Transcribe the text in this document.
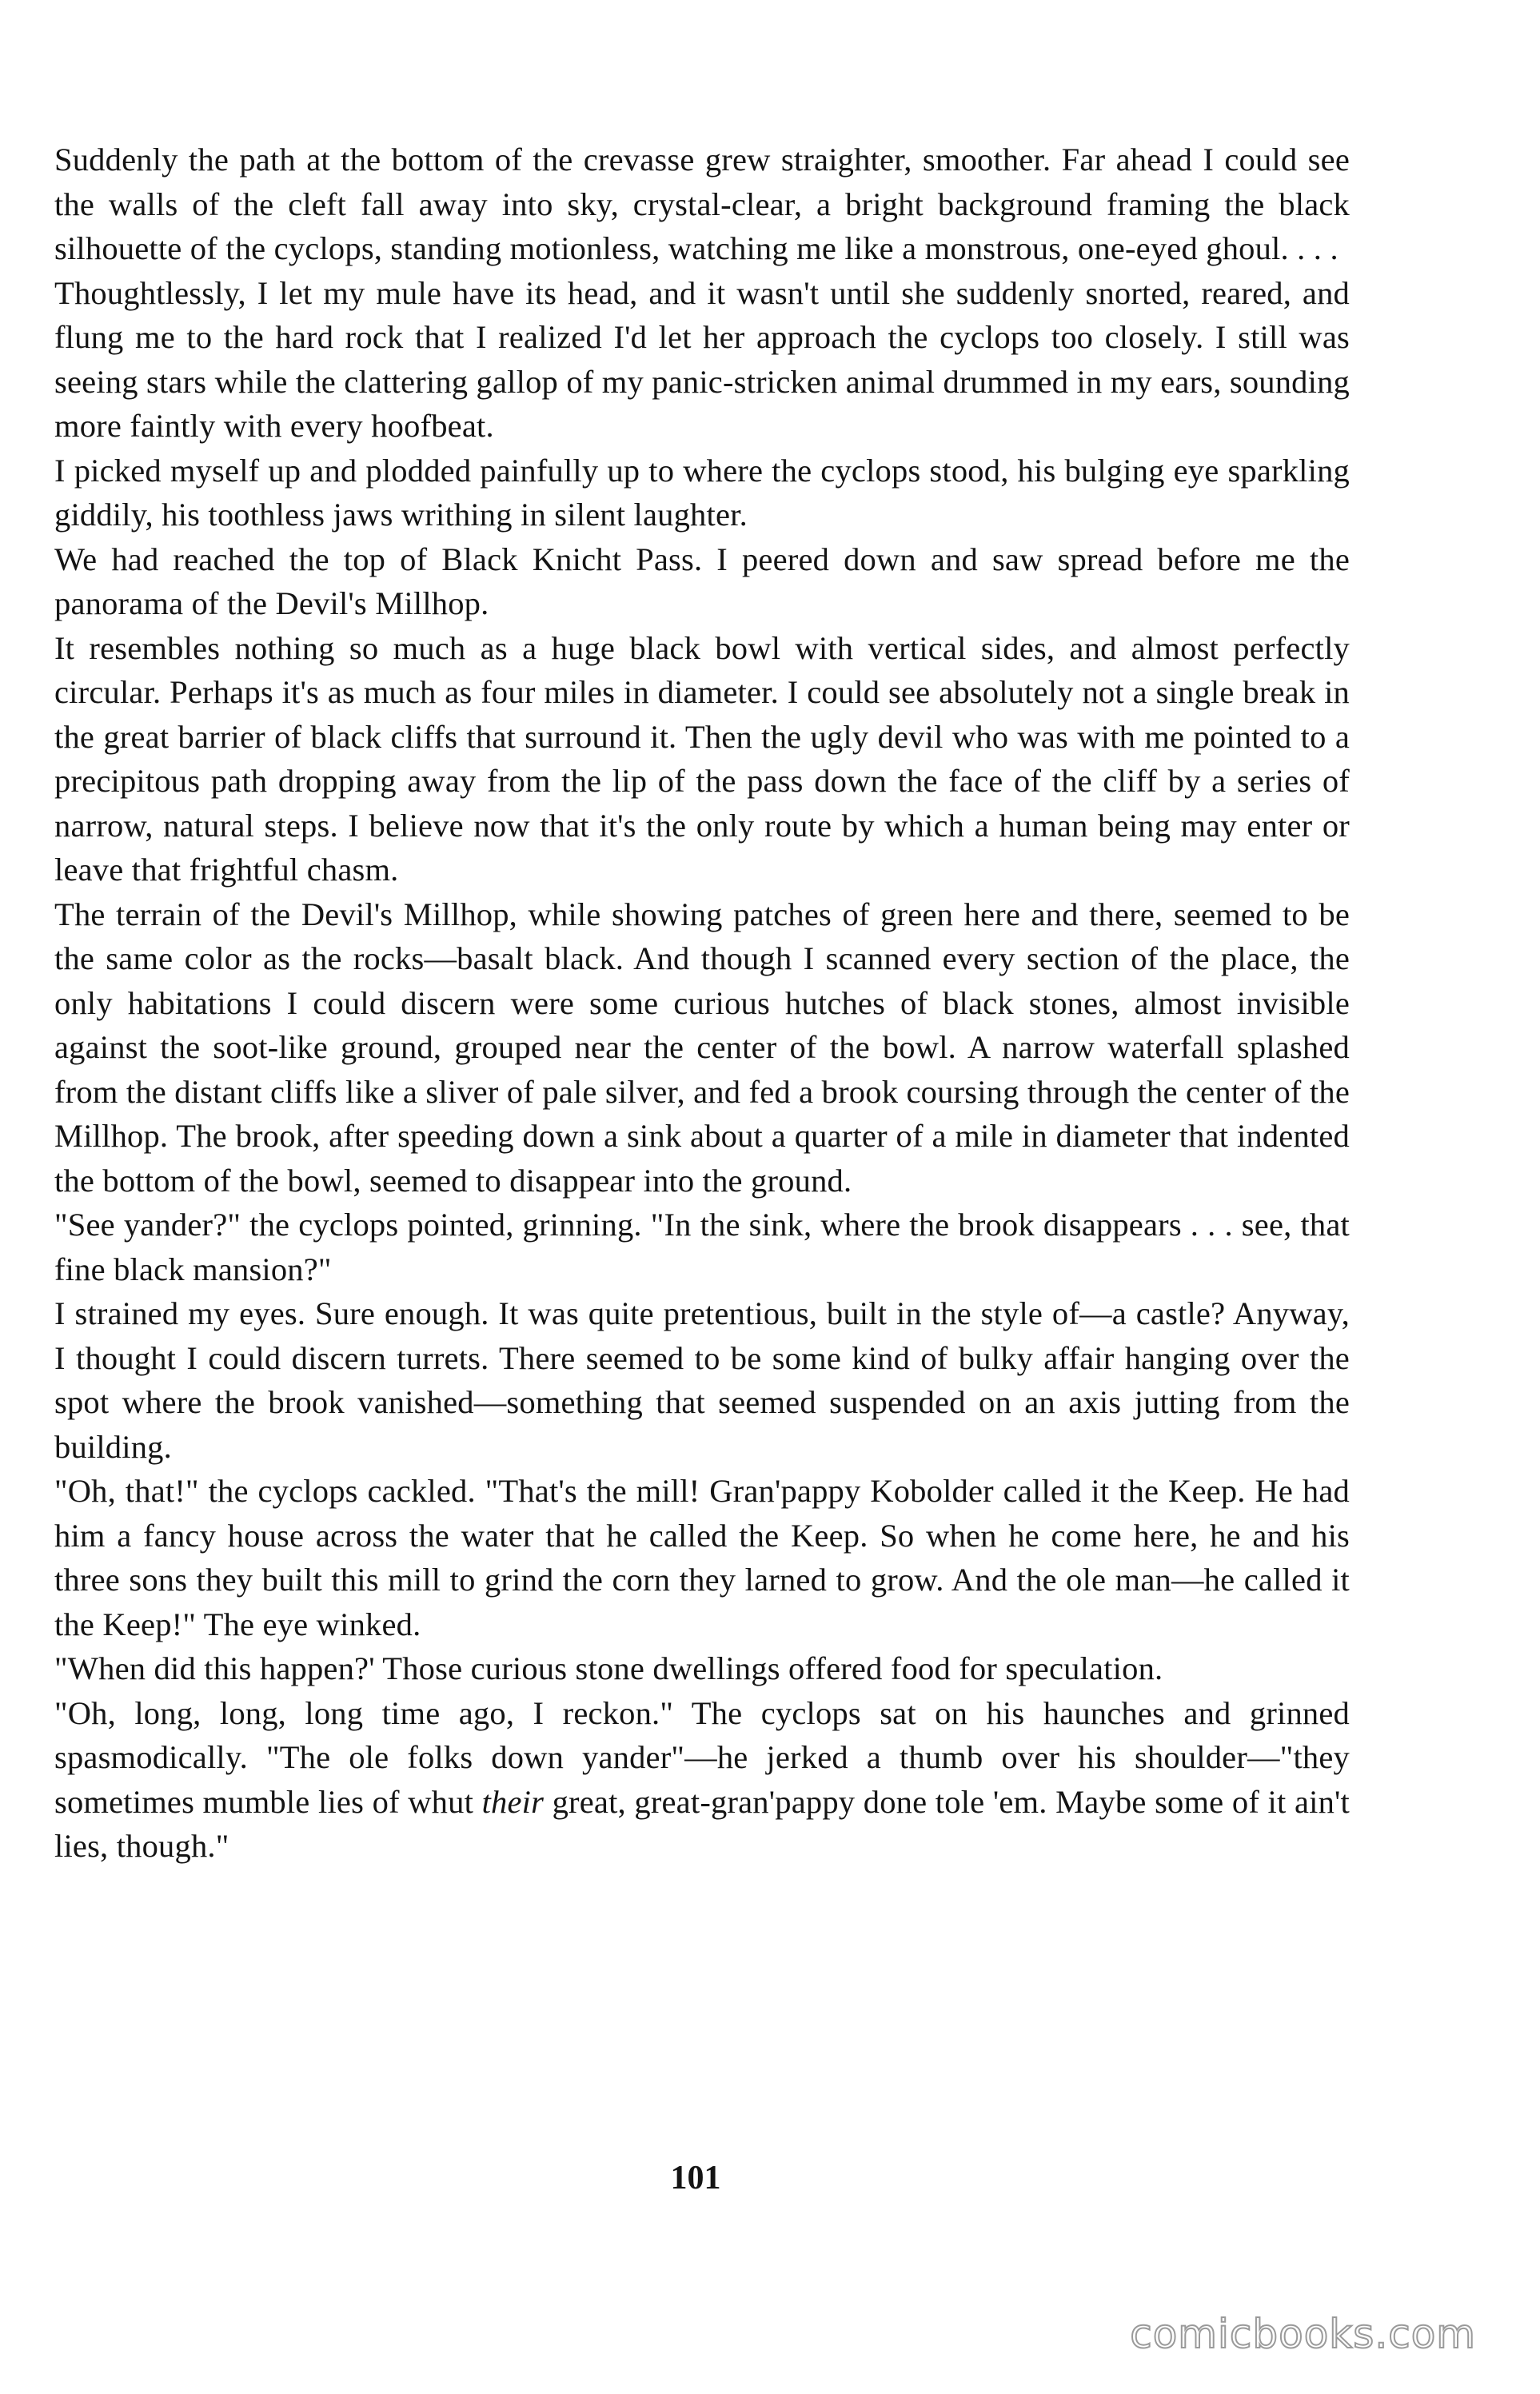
Suddenly the path at the bottom of the crevasse grew straighter, smoother. Far ahead I could see the walls of the cleft fall away into sky, crystal-clear, a bright background framing the black silhouette of the cyclops, standing motionless, watching me like a monstrous, one-eyed ghoul. . . .

Thoughtlessly, I let my mule have its head, and it wasn't until she suddenly snorted, reared, and flung me to the hard rock that I realized I'd let her approach the cyclops too closely. I still was seeing stars while the clattering gallop of my panic-stricken animal drummed in my ears, sounding more faintly with every hoofbeat.

I picked myself up and plodded painfully up to where the cyclops stood, his bulging eye sparkling giddily, his toothless jaws writhing in silent laughter.

We had reached the top of Black Knicht Pass. I peered down and saw spread before me the panorama of the Devil's Millhop.

It resembles nothing so much as a huge black bowl with vertical sides, and almost perfectly circular. Perhaps it's as much as four miles in diameter. I could see absolutely not a single break in the great barrier of black cliffs that surround it. Then the ugly devil who was with me pointed to a precipitous path dropping away from the lip of the pass down the face of the cliff by a series of narrow, natural steps. I believe now that it's the only route by which a human being may enter or leave that frightful chasm.

The terrain of the Devil's Millhop, while showing patches of green here and there, seemed to be the same color as the rocks—basalt black. And though I scanned every section of the place, the only habitations I could discern were some curious hutches of black stones, almost invisible against the soot-like ground, grouped near the center of the bowl. A narrow waterfall splashed from the distant cliffs like a sliver of pale silver, and fed a brook coursing through the center of the Millhop. The brook, after speeding down a sink about a quarter of a mile in diameter that indented the bottom of the bowl, seemed to disappear into the ground.

"See yander?" the cyclops pointed, grinning. "In the sink, where the brook disappears . . . see, that fine black mansion?"

I strained my eyes. Sure enough. It was quite pretentious, built in the style of—a castle? Anyway, I thought I could discern turrets. There seemed to be some kind of bulky affair hanging over the spot where the brook vanished—something that seemed suspended on an axis jutting from the building.

"Oh, that!" the cyclops cackled. "That's the mill! Gran'pappy Kobolder called it the Keep. He had him a fancy house across the water that he called the Keep. So when he come here, he and his three sons they built this mill to grind the corn they larned to grow. And the ole man—he called it the Keep!" The eye winked.

"When did this happen?' Those curious stone dwellings offered food for speculation.

"Oh, long, long, long time ago, I reckon." The cyclops sat on his haunches and grinned spasmodically. "The ole folks down yander"—he jerked a thumb over his shoulder—"they sometimes mumble lies of whut their great, great-gran'pappy done tole 'em. Maybe some of it ain't lies, though."

101
comicbooks.com
